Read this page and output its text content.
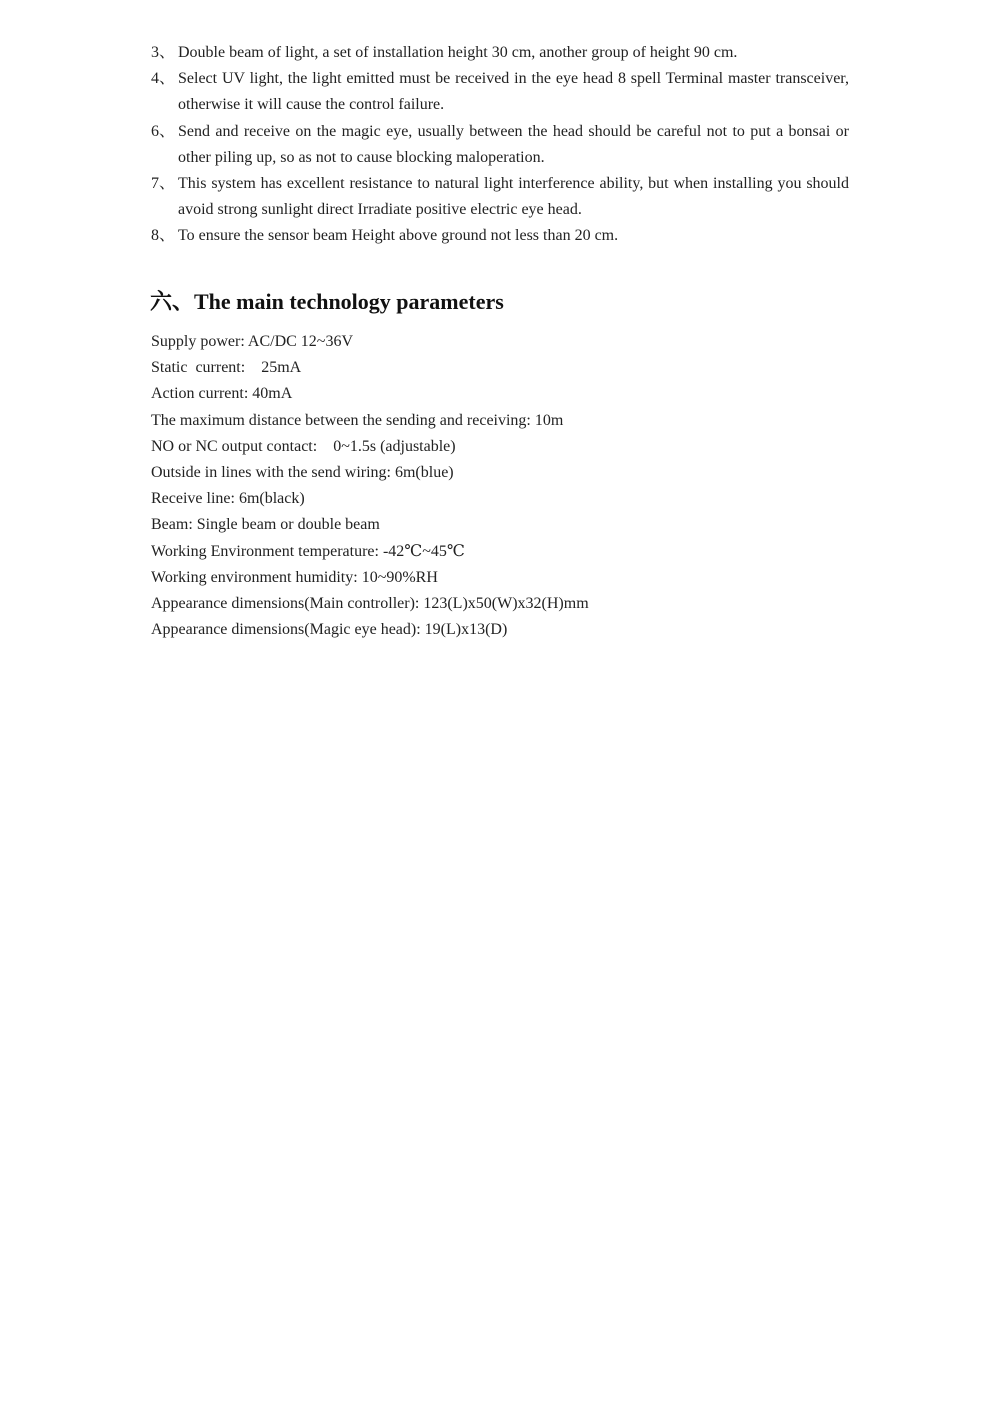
3、 Double beam of light, a set of installation height 30 cm, another group of height 90 cm.
4、 Select UV light, the light emitted must be received in the eye head 8 spell Terminal master transceiver, otherwise it will cause the control failure.
6、 Send and receive on the magic eye, usually between the head should be careful not to put a bonsai or other piling up, so as not to cause blocking maloperation.
7、 This system has excellent resistance to natural light interference ability, but when installing you should avoid strong sunlight direct Irradiate positive electric eye head.
8、 To ensure the sensor beam Height above ground not less than 20 cm.
六、The main technology parameters
Supply power: AC/DC 12~36V
Static  current:    25mA
Action current: 40mA
The maximum distance between the sending and receiving: 10m
NO or NC output contact:    0~1.5s (adjustable)
Outside in lines with the send wiring: 6m(blue)
Receive line: 6m(black)
Beam: Single beam or double beam
Working Environment temperature: -42℃~45℃
Working environment humidity: 10~90%RH
Appearance dimensions(Main controller): 123(L)x50(W)x32(H)mm
Appearance dimensions(Magic eye head): 19(L)x13(D)
